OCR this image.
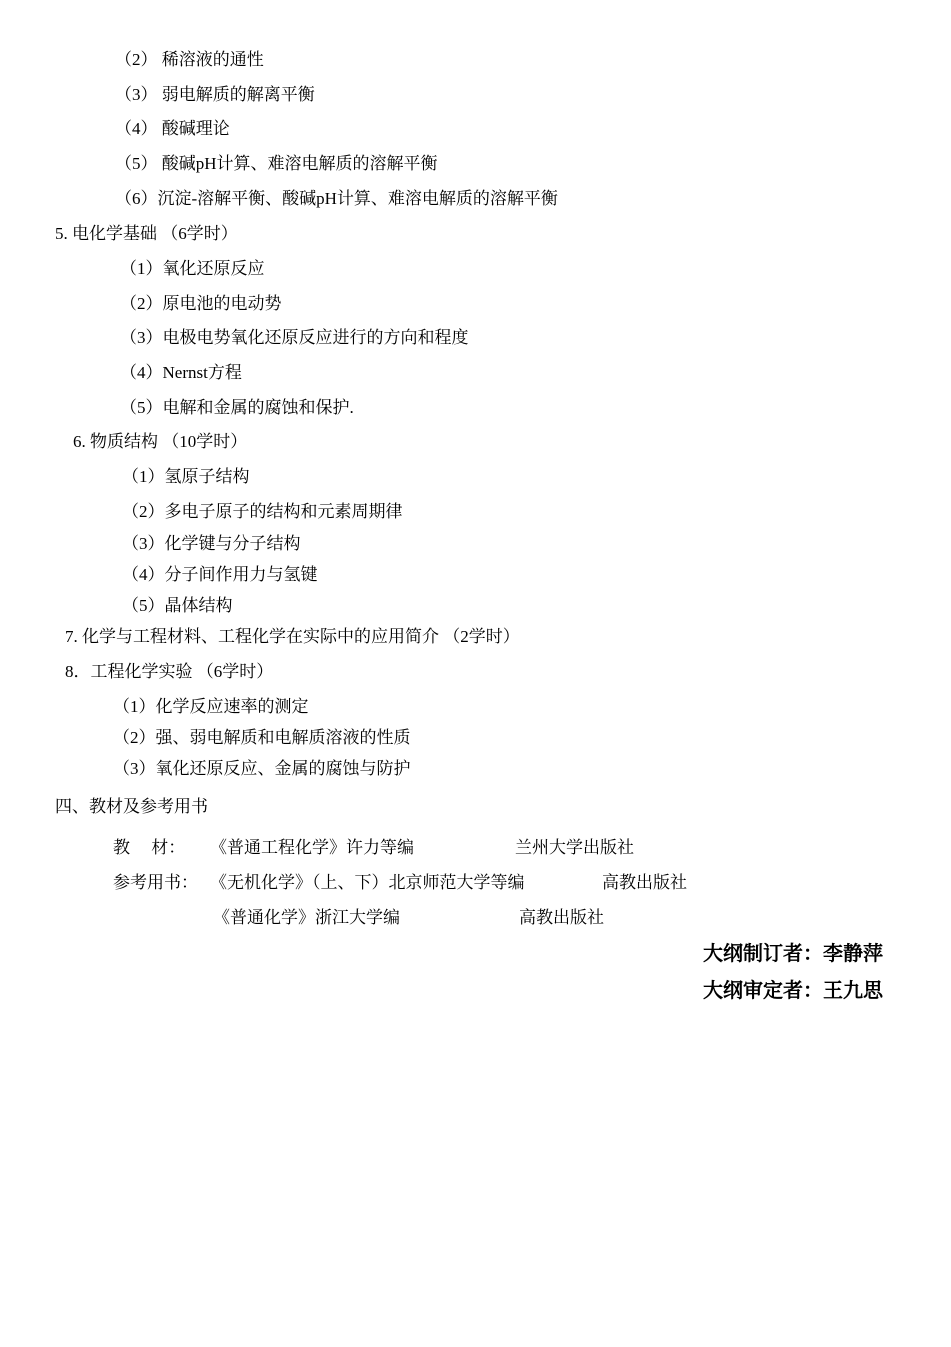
（2） 稀溶液的通性
（3） 弱电解质的解离平衡
（4） 酸碱理论
（5） 酸碱pH计算、难溶电解质的溶解平衡
（6）沉淀-溶解平衡、酸碱pH计算、难溶电解质的溶解平衡
5. 电化学基础 （6学时）
（1）氧化还原反应
（2）原电池的电动势
（3）电极电势氧化还原反应进行的方向和程度
（4）Nernst方程
（5）电解和金属的腐蚀和保护.
6. 物质结构 （10学时）
（1）氢原子结构
（2）多电子原子的结构和元素周期律
（3）化学键与分子结构
（4）分子间作用力与氢键
（5）晶体结构
7. 化学与工程材料、工程化学在实际中的应用简介 （2学时）
8．工程化学实验 （6学时）
（1）化学反应速率的测定
（2）强、弱电解质和电解质溶液的性质
（3）氧化还原反应、金属的腐蚀与防护
四、教材及参考用书
教　 材： 《普通工程化学》许力等编	兰州大学出版社
参考用书： 《无机化学》（上、下）北京师范大学等编	高教出版社
《普通化学》浙江大学编	高教出版社
大纲制订者：李静萍
大纲审定者：王九思
